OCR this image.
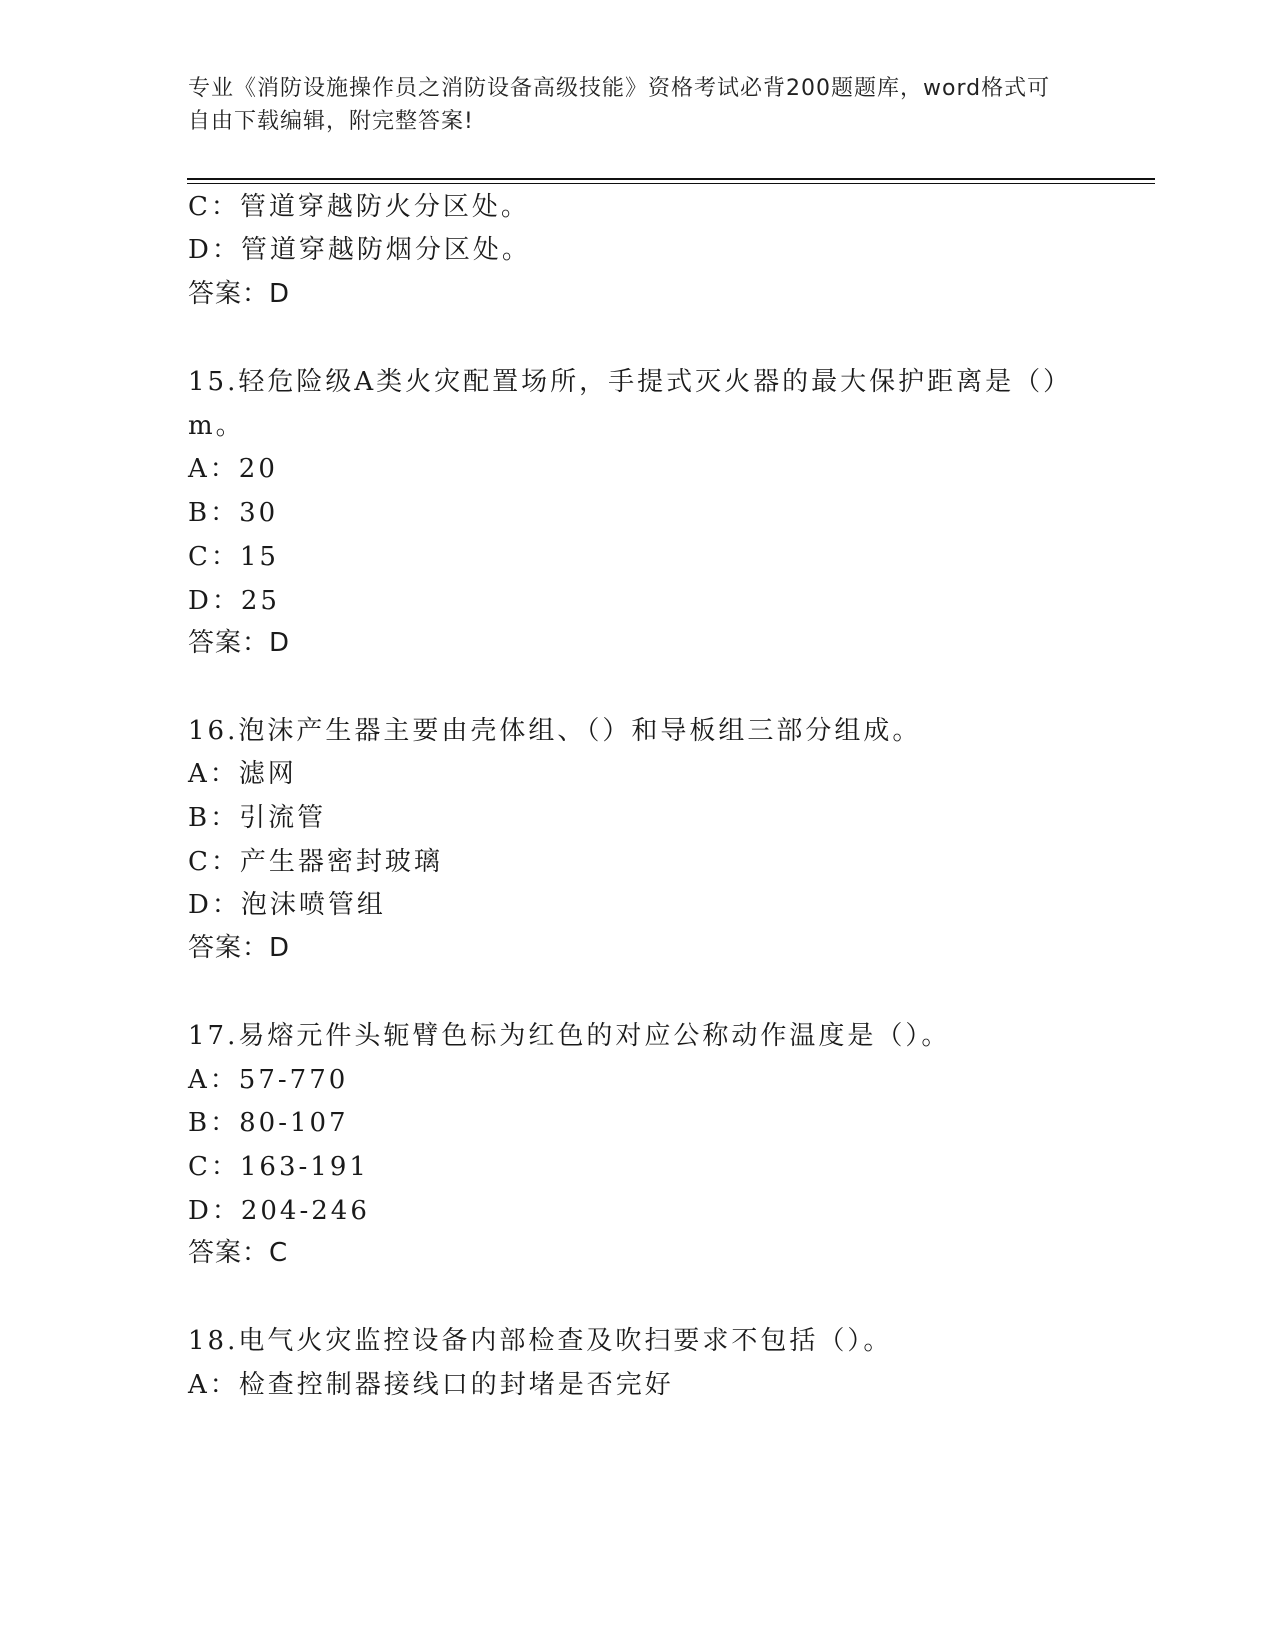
专业《消防设施操作员之消防设备高级技能》资格考试必背200题题库，word格式可自由下载编辑，附完整答案!
C：管道穿越防火分区处。
D：管道穿越防烟分区处。
答案：D
15.轻危险级A类火灾配置场所，手提式灭火器的最大保护距离是（）
m。
A：20
B：30
C：15
D：25
答案：D
16.泡沫产生器主要由壳体组、（）和导板组三部分组成。
A：滤网
B：引流管
C：产生器密封玻璃
D：泡沫喷管组
答案：D
17.易熔元件头轭臂色标为红色的对应公称动作温度是（）。
A：57-770
B：80-107
C：163-191
D：204-246
答案：C
18.电气火灾监控设备内部检查及吹扫要求不包括（）。
A：检查控制器接线口的封堵是否完好
